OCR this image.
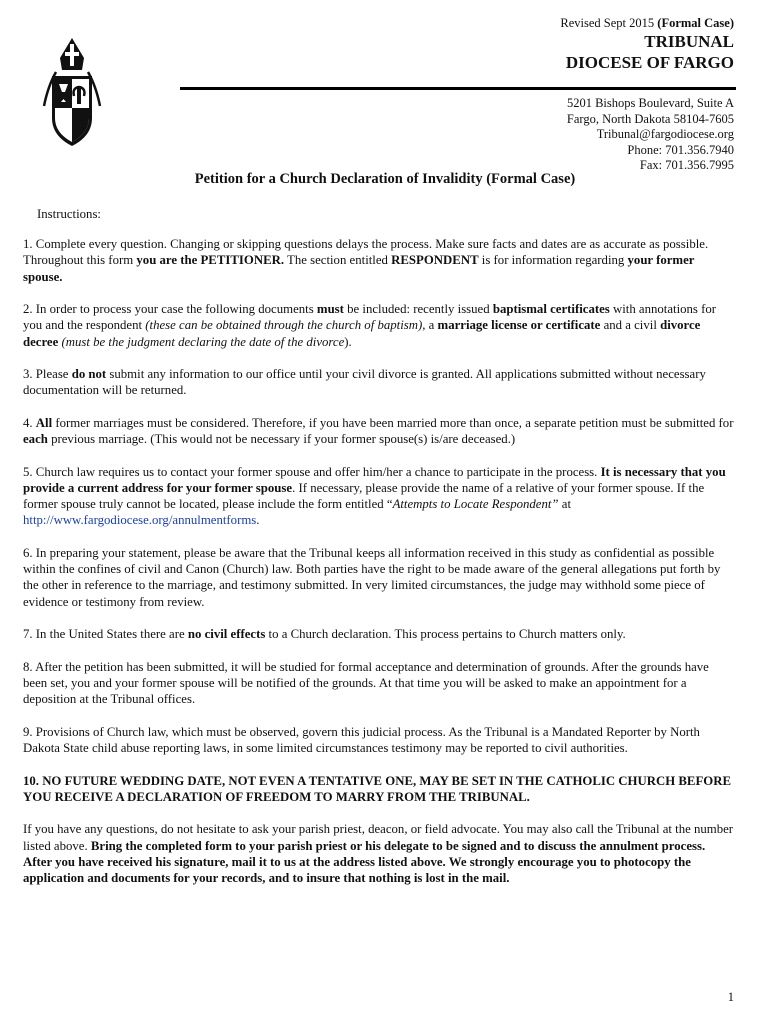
Revised Sept 2015 (Formal Case)
TRIBUNAL
DIOCESE OF FARGO
5201 Bishops Boulevard, Suite A
Fargo, North Dakota 58104-7605
Tribunal@fargodiocese.org
Phone: 701.356.7940
Fax: 701.356.7995
Petition for a Church Declaration of Invalidity (Formal Case)

Instructions:

1. Complete every question. Changing or skipping questions delays the process. Make sure facts and dates are as accurate as possible. Throughout this form you are the PETITIONER. The section entitled RESPONDENT is for information regarding your former spouse.

2. In order to process your case the following documents must be included: recently issued baptismal certificates with annotations for you and the respondent (these can be obtained through the church of baptism), a marriage license or certificate and a civil divorce decree (must be the judgment declaring the date of the divorce).

3. Please do not submit any information to our office until your civil divorce is granted. All applications submitted without necessary documentation will be returned.

4. All former marriages must be considered. Therefore, if you have been married more than once, a separate petition must be submitted for each previous marriage. (This would not be necessary if your former spouse(s) is/are deceased.)

5. Church law requires us to contact your former spouse and offer him/her a chance to participate in the process. It is necessary that you provide a current address for your former spouse. If necessary, please provide the name of a relative of your former spouse. If the former spouse truly cannot be located, please include the form entitled “Attempts to Locate Respondent” at http://www.fargodiocese.org/annulmentforms.

6. In preparing your statement, please be aware that the Tribunal keeps all information received in this study as confidential as possible within the confines of civil and Canon (Church) law. Both parties have the right to be made aware of the general allegations put forth by the other in reference to the marriage, and testimony submitted. In very limited circumstances, the judge may withhold some piece of evidence or testimony from review.

7. In the United States there are no civil effects to a Church declaration. This process pertains to Church matters only.

8. After the petition has been submitted, it will be studied for formal acceptance and determination of grounds. After the grounds have been set, you and your former spouse will be notified of the grounds. At that time you will be asked to make an appointment for a deposition at the Tribunal offices.

9. Provisions of Church law, which must be observed, govern this judicial process. As the Tribunal is a Mandated Reporter by North Dakota State child abuse reporting laws, in some limited circumstances testimony may be reported to civil authorities.

10. NO FUTURE WEDDING DATE, NOT EVEN A TENTATIVE ONE, MAY BE SET IN THE CATHOLIC CHURCH BEFORE YOU RECEIVE A DECLARATION OF FREEDOM TO MARRY FROM THE TRIBUNAL.

If you have any questions, do not hesitate to ask your parish priest, deacon, or field advocate. You may also call the Tribunal at the number listed above. Bring the completed form to your parish priest or his delegate to be signed and to discuss the annulment process. After you have received his signature, mail it to us at the address listed above. We strongly encourage you to photocopy the application and documents for your records, and to insure that nothing is lost in the mail.

1
